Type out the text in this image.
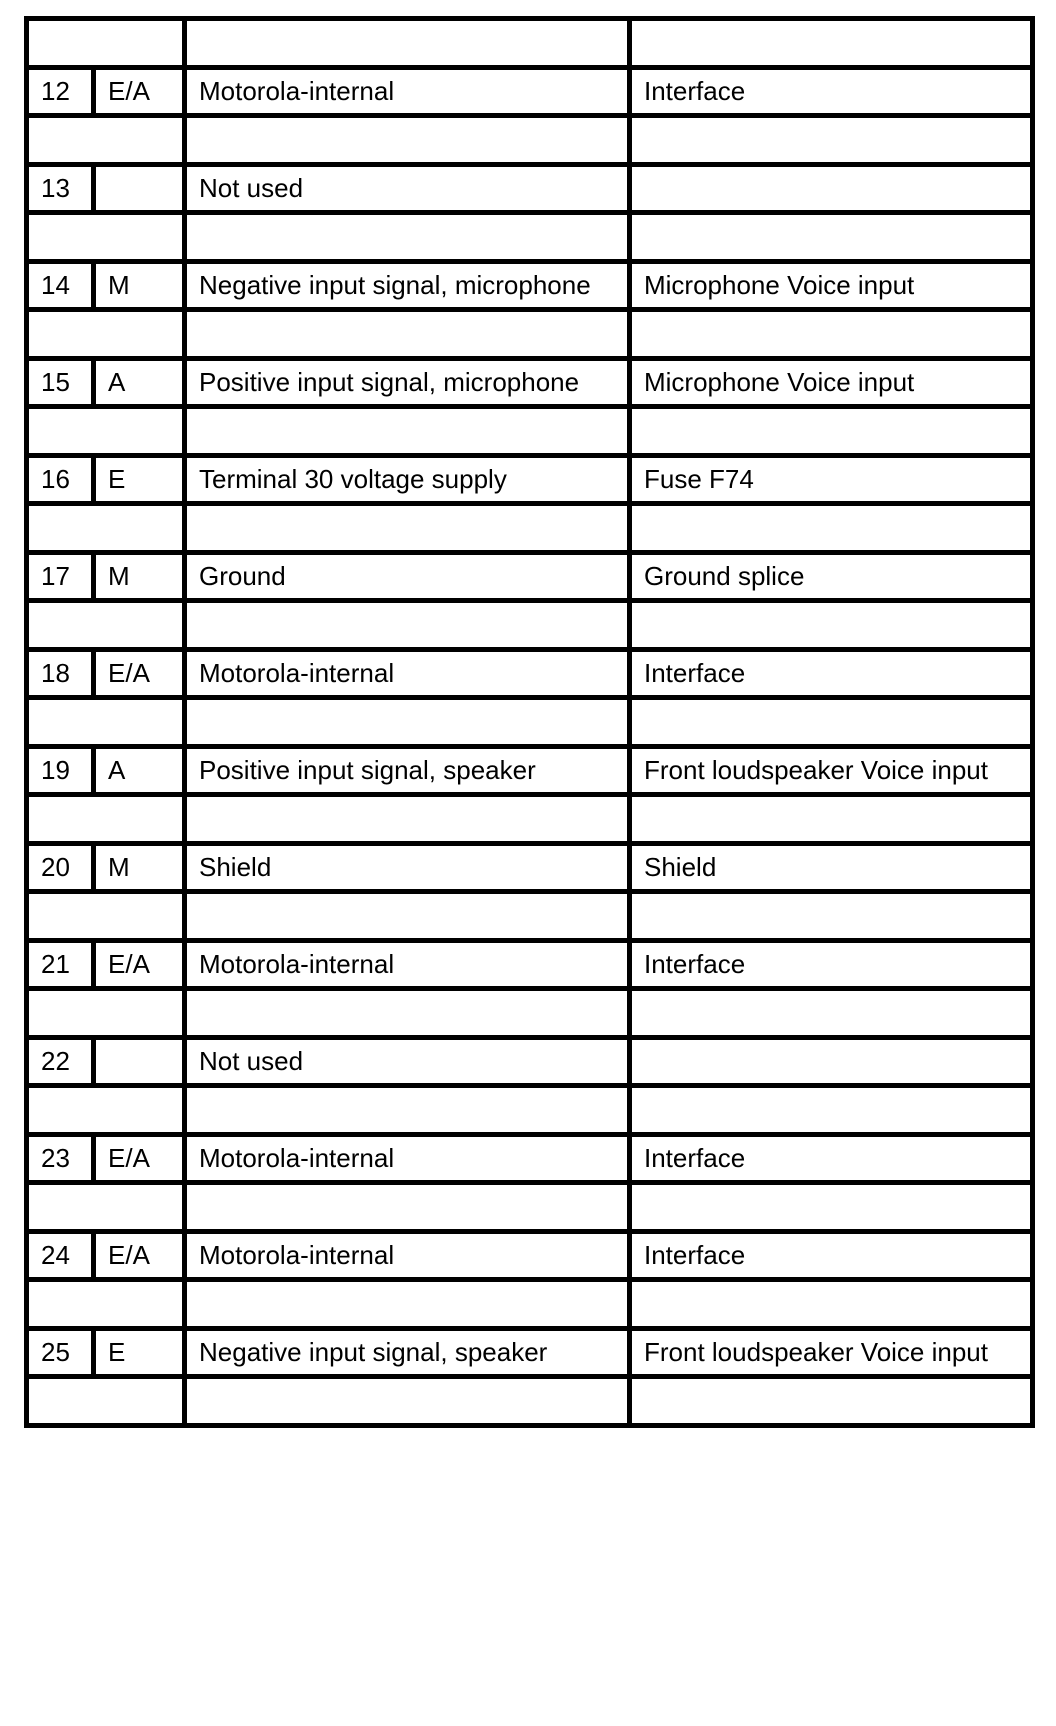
12	E/A	Motorola-internal	Interface

13		Not used	

14	M	Negative input signal, microphone	Microphone Voice input

15	A	Positive input signal, microphone	Microphone Voice input

16	E	Terminal 30 voltage supply	Fuse F74

17	M	Ground	Ground splice

18	E/A	Motorola-internal	Interface

19	A	Positive input signal, speaker	Front loudspeaker Voice input

20	M	Shield	Shield

21	E/A	Motorola-internal	Interface

22		Not used	

23	E/A	Motorola-internal	Interface

24	E/A	Motorola-internal	Interface

25	E	Negative input signal, speaker	Front loudspeaker Voice input
